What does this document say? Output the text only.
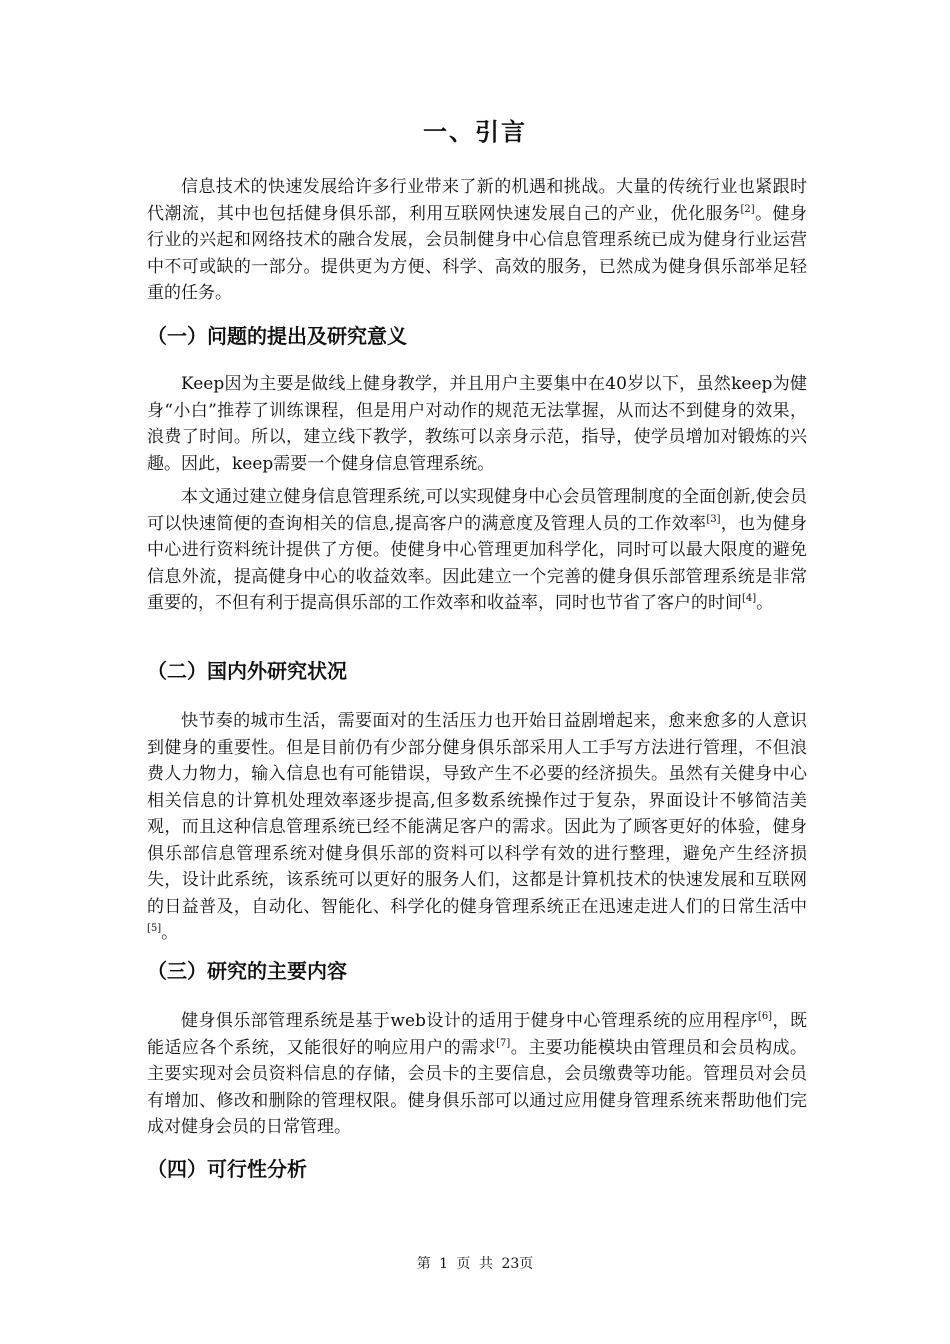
一、引言

信息技术的快速发展给许多行业带来了新的机遇和挑战。大量的传统行业也紧跟时代潮流，其中也包括健身俱乐部，利用互联网快速发展自己的产业，优化服务[2]。健身行业的兴起和网络技术的融合发展，会员制健身中心信息管理系统已成为健身行业运营中不可或缺的一部分。提供更为方便、科学、高效的服务，已然成为健身俱乐部举足轻重的任务。

（一）问题的提出及研究意义

Keep因为主要是做线上健身教学，并且用户主要集中在40岁以下，虽然keep为健身“小白”推荐了训练课程，但是用户对动作的规范无法掌握，从而达不到健身的效果，浪费了时间。所以，建立线下教学，教练可以亲身示范，指导，使学员增加对锻炼的兴趣。因此，keep需要一个健身信息管理系统。

本文通过建立健身信息管理系统,可以实现健身中心会员管理制度的全面创新,使会员可以快速简便的查询相关的信息,提高客户的满意度及管理人员的工作效率[3]，也为健身中心进行资料统计提供了方便。使健身中心管理更加科学化，同时可以最大限度的避免信息外流，提高健身中心的收益效率。因此建立一个完善的健身俱乐部管理系统是非常重要的，不但有利于提高俱乐部的工作效率和收益率，同时也节省了客户的时间[4]。

（二）国内外研究状况

快节奏的城市生活，需要面对的生活压力也开始日益剧增起来，愈来愈多的人意识到健身的重要性。但是目前仍有少部分健身俱乐部采用人工手写方法进行管理，不但浪费人力物力，输入信息也有可能错误，导致产生不必要的经济损失。虽然有关健身中心相关信息的计算机处理效率逐步提高,但多数系统操作过于复杂，界面设计不够简洁美观，而且这种信息管理系统已经不能满足客户的需求。因此为了顾客更好的体验，健身俱乐部信息管理系统对健身俱乐部的资料可以科学有效的进行整理，避免产生经济损失，设计此系统，该系统可以更好的服务人们，这都是计算机技术的快速发展和互联网的日益普及，自动化、智能化、科学化的健身管理系统正在迅速走进人们的日常生活中[5]。

（三）研究的主要内容

健身俱乐部管理系统是基于web设计的适用于健身中心管理系统的应用程序[6]，既能适应各个系统，又能很好的响应用户的需求[7]。主要功能模块由管理员和会员构成。主要实现对会员资料信息的存储，会员卡的主要信息，会员缴费等功能。管理员对会员有增加、修改和删除的管理权限。健身俱乐部可以通过应用健身管理系统来帮助他们完成对健身会员的日常管理。

（四）可行性分析
第 1 页 共 23页
